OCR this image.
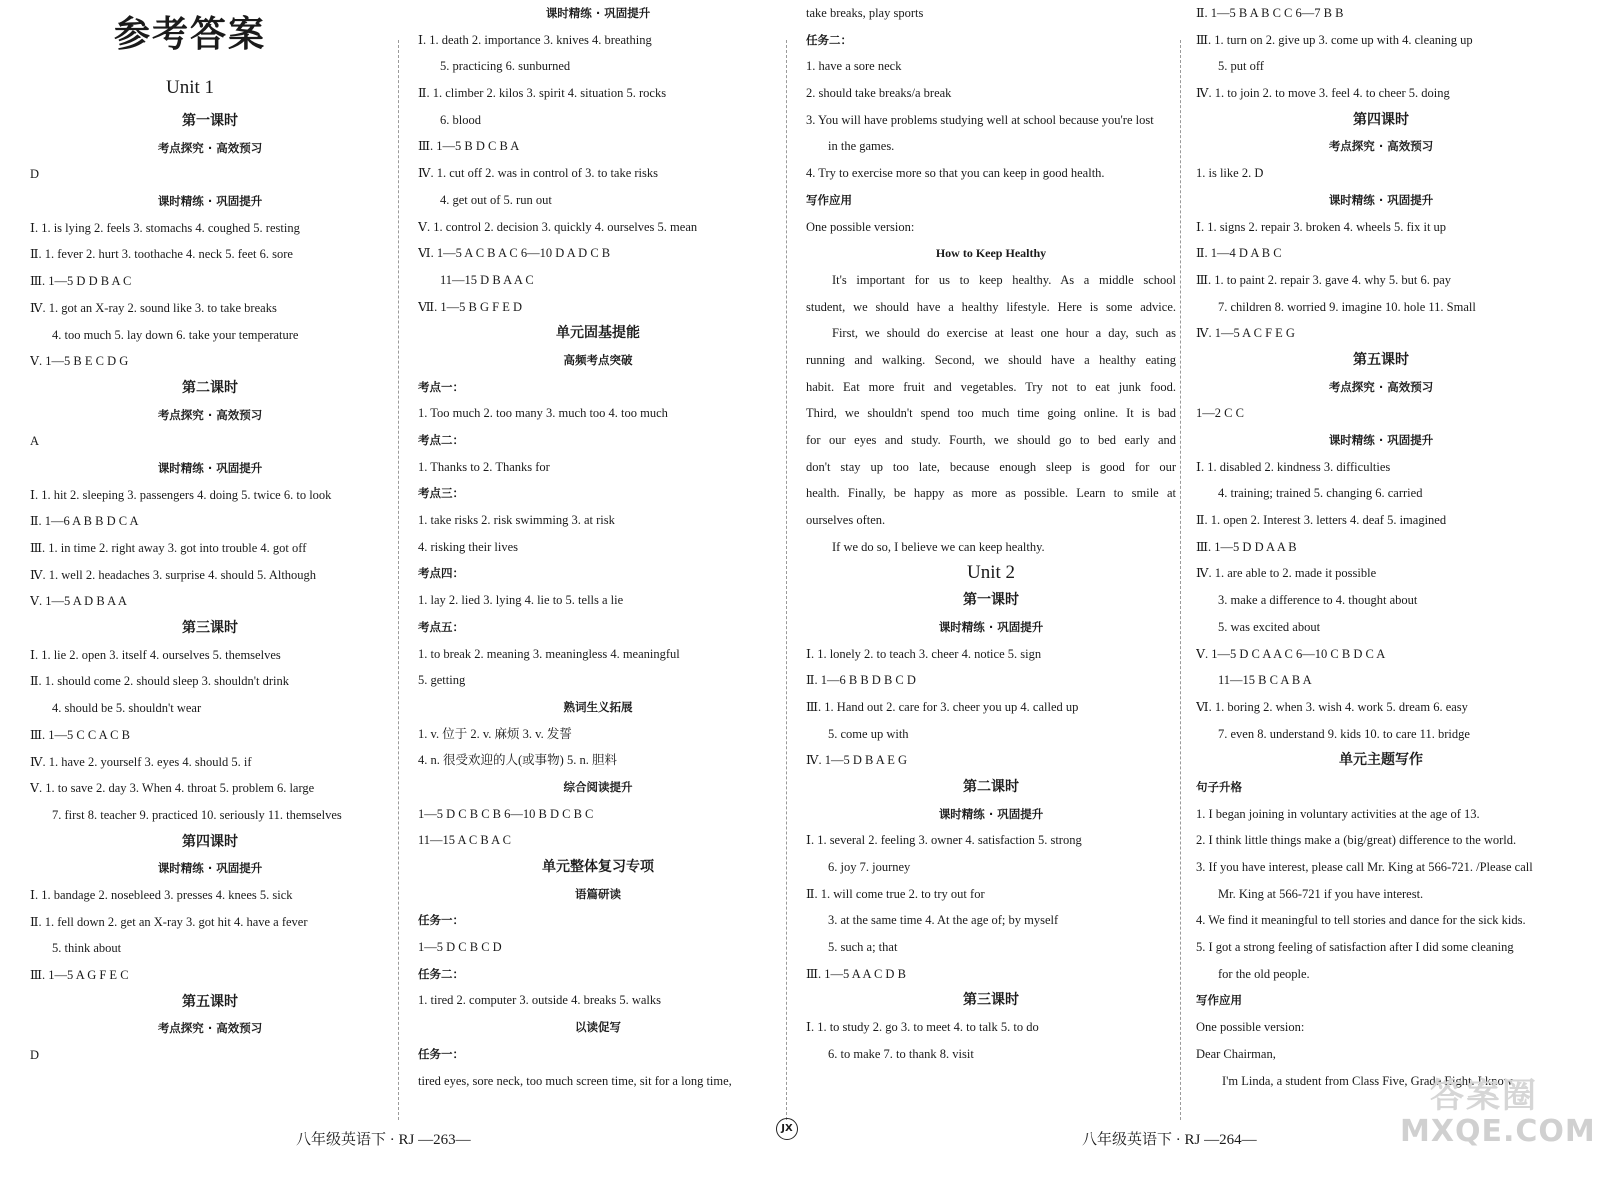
参考答案
Unit 1
第一课时
考点探究 · 高效预习
D
课时精练 · 巩固提升
Ⅰ. 1. is lying 2. feels 3. stomachs 4. coughed 5. resting
Ⅱ. 1. fever 2. hurt 3. toothache 4. neck 5. feet 6. sore
Ⅲ. 1—5 D D B A C
Ⅳ. 1. got an X-ray 2. sound like 3. to take breaks
4. too much 5. lay down 6. take your temperature
Ⅴ. 1—5 B E C D G
第二课时
考点探究 · 高效预习
A
课时精练 · 巩固提升
Ⅰ. 1. hit 2. sleeping 3. passengers 4. doing 5. twice 6. to look
Ⅱ. 1—6 A B B D C A
Ⅲ. 1. in time 2. right away 3. got into trouble 4. got off
Ⅳ. 1. well 2. headaches 3. surprise 4. should 5. Although
Ⅴ. 1—5 A D B A A
第三课时
Ⅰ. 1. lie 2. open 3. itself 4. ourselves 5. themselves
Ⅱ. 1. should come 2. should sleep 3. shouldn't drink
4. should be 5. shouldn't wear
Ⅲ. 1—5 C C A C B
Ⅳ. 1. have 2. yourself 3. eyes 4. should 5. if
Ⅴ. 1. to save 2. day 3. When 4. throat 5. problem 6. large
7. first 8. teacher 9. practiced 10. seriously 11. themselves
第四课时
课时精练 · 巩固提升
Ⅰ. 1. bandage 2. nosebleed 3. presses 4. knees 5. sick
Ⅱ. 1. fell down 2. get an X-ray 3. got hit 4. have a fever
5. think about
Ⅲ. 1—5 A G F E C
第五课时
考点探究 · 高效预习
D
课时精练 · 巩固提升
Ⅰ. 1. death 2. importance 3. knives 4. breathing
5. practicing 6. sunburned
Ⅱ. 1. climber 2. kilos 3. spirit 4. situation 5. rocks
6. blood
Ⅲ. 1—5 B D C B A
Ⅳ. 1. cut off 2. was in control of 3. to take risks
4. get out of 5. run out
Ⅴ. 1. control 2. decision 3. quickly 4. ourselves 5. mean
Ⅵ. 1—5 A C B A C 6—10 D A D C B
11—15 D B A A C
Ⅶ. 1—5 B G F E D
单元固基提能
高频考点突破
考点一：
1. Too much 2. too many 3. much too 4. too much
考点二：
1. Thanks to 2. Thanks for
考点三：
1. take risks 2. risk swimming 3. at risk
4. risking their lives
考点四：
1. lay 2. lied 3. lying 4. lie to 5. tells a lie
考点五：
1. to break 2. meaning 3. meaningless 4. meaningful
5. getting
熟词生义拓展
1. v. 位于 2. v. 麻烦 3. v. 发誓
4. n. 很受欢迎的人(或事物) 5. n. 胆料
综合阅读提升
1—5 D C B C B 6—10 B D C B C
11—15 A C B A C
单元整体复习专项
语篇研读
任务一：
1—5 D C B C D
任务二：
1. tired 2. computer 3. outside 4. breaks 5. walks
以读促写
任务一：
tired eyes, sore neck, too much screen time, sit for a long time,
take breaks, play sports
任务二：
1. have a sore neck
2. should take breaks/a break
3. You will have problems studying well at school because you're lost
in the games.
4. Try to exercise more so that you can keep in good health.
写作应用
One possible version:
How to Keep Healthy
It's important for us to keep healthy. As a middle school
student, we should have a healthy lifestyle. Here is some advice.
First, we should do exercise at least one hour a day, such as
running and walking. Second, we should have a healthy eating
habit. Eat more fruit and vegetables. Try not to eat junk food.
Third, we shouldn't spend too much time going online. It is bad
for our eyes and study. Fourth, we should go to bed early and
don't stay up too late, because enough sleep is good for our
health. Finally, be happy as more as possible. Learn to smile at
ourselves often.
If we do so, I believe we can keep healthy.
Unit 2
第一课时
课时精练 · 巩固提升
Ⅰ. 1. lonely 2. to teach 3. cheer 4. notice 5. sign
Ⅱ. 1—6 B B D B C D
Ⅲ. 1. Hand out 2. care for 3. cheer you up 4. called up
5. come up with
Ⅳ. 1—5 D B A E G
第二课时
课时精练 · 巩固提升
Ⅰ. 1. several 2. feeling 3. owner 4. satisfaction 5. strong
6. joy 7. journey
Ⅱ. 1. will come true 2. to try out for
3. at the same time 4. At the age of; by myself
5. such a; that
Ⅲ. 1—5 A A C D B
第三课时
Ⅰ. 1. to study 2. go 3. to meet 4. to talk 5. to do
6. to make 7. to thank 8. visit
Ⅱ. 1—5 B A B C C 6—7 B B
Ⅲ. 1. turn on 2. give up 3. come up with 4. cleaning up
5. put off
Ⅳ. 1. to join 2. to move 3. feel 4. to cheer 5. doing
第四课时
考点探究 · 高效预习
1. is like 2. D
课时精练 · 巩固提升
Ⅰ. 1. signs 2. repair 3. broken 4. wheels 5. fix it up
Ⅱ. 1—4 D A B C
Ⅲ. 1. to paint 2. repair 3. gave 4. why 5. but 6. pay
7. children 8. worried 9. imagine 10. hole 11. Small
Ⅳ. 1—5 A C F E G
第五课时
考点探究 · 高效预习
1—2 C C
课时精练 · 巩固提升
Ⅰ. 1. disabled 2. kindness 3. difficulties
4. training; trained 5. changing 6. carried
Ⅱ. 1. open 2. Interest 3. letters 4. deaf 5. imagined
Ⅲ. 1—5 D D A A B
Ⅳ. 1. are able to 2. made it possible
3. make a difference to 4. thought about
5. was excited about
Ⅴ. 1—5 D C A A C 6—10 C B D C A
11—15 B C A B A
Ⅵ. 1. boring 2. when 3. wish 4. work 5. dream 6. easy
7. even 8. understand 9. kids 10. to care 11. bridge
单元主题写作
句子升格
1. I began joining in voluntary activities at the age of 13.
2. I think little things make a (big/great) difference to the world.
3. If you have interest, please call Mr. King at 566-721. /Please call
Mr. King at 566-721 if you have interest.
4. We find it meaningful to tell stories and dance for the sick kids.
5. I got a strong feeling of satisfaction after I did some cleaning
for the old people.
写作应用
One possible version:
Dear Chairman,
I'm Linda, a student from Class Five, Grade Eight. I know
八年级英语下 · RJ —263—
JX
八年级英语下 · RJ —264—
答案圈
MXQE.COM
